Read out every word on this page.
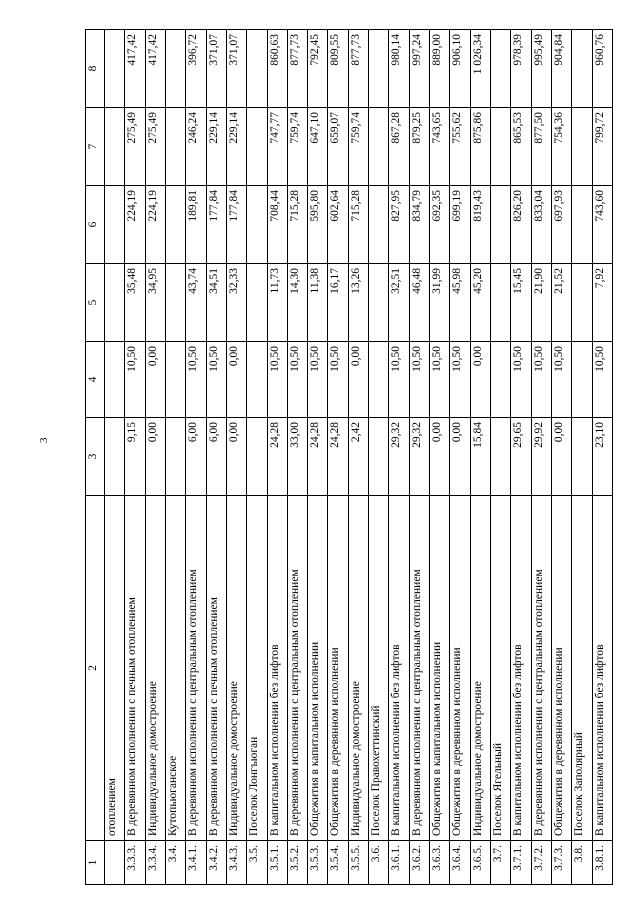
3
1	2	3	4	5	6	7	8
	отоплением						
3.3.3.	В деревянном исполнении с печным отоплением	9,15	10,50	35,48	224,19	275,49	417,42
3.3.4.	Индивидуальное домостроение	0,00	0,00	34,95	224,19	275,49	417,42
3.4.	Кутопьюганское						
3.4.1.	В деревянном исполнении с центральным отоплением	6,00	10,50	43,74	189,81	246,24	396,72
3.4.2.	В деревянном исполнении с печным отоплением	6,00	10,50	34,51	177,84	229,14	371,07
3.4.3.	Индивидуальное домостроение	0,00	0,00	32,33	177,84	229,14	371,07
3.5.	Поселок Лонгъюган						
3.5.1.	В капитальном исполнении без лифтов	24,28	10,50	11,73	708,44	747,77	860,63
3.5.2.	В деревянном исполнении с центральным отоплением	33,00	10,50	14,30	715,28	759,74	877,73
3.5.3.	Общежития в капитальном исполнении	24,28	10,50	11,38	595,80	647,10	792,45
3.5.4.	Общежития в деревянном исполнении	24,28	10,50	16,17	602,64	659,07	809,55
3.5.5.	Индивидуальное домостроение	2,42	0,00	13,26	715,28	759,74	877,73
3.6.	Поселок Правохеттинский						
3.6.1.	В капитальном исполнении без лифтов	29,32	10,50	32,51	827,95	867,28	980,14
3.6.2.	В деревянном исполнении с центральным отоплением	29,32	10,50	46,48	834,79	879,25	997,24
3.6.3.	Общежития в капитальном исполнении	0,00	10,50	31,99	692,35	743,65	889,00
3.6.4.	Общежития в деревянном исполнении	0,00	10,50	45,98	699,19	755,62	906,10
3.6.5.	Индивидуальное домостроение	15,84	0,00	45,20	819,43	875,86	1 026,34
3.7.	Поселок Ягельный						
3.7.1.	В капитальном исполнении без лифтов	29,65	10,50	15,45	826,20	865,53	978,39
3.7.2.	В деревянном исполнении с центральным отоплением	29,92	10,50	21,90	833,04	877,50	995,49
3.7.3.	Общежития в деревянном исполнении	0,00	10,50	21,52	697,93	754,36	904,84
3.8.	Поселок Заполярный						
3.8.1.	В капитальном исполнении без лифтов	23,10	10,50	7,92	743,60	799,72	960,76
